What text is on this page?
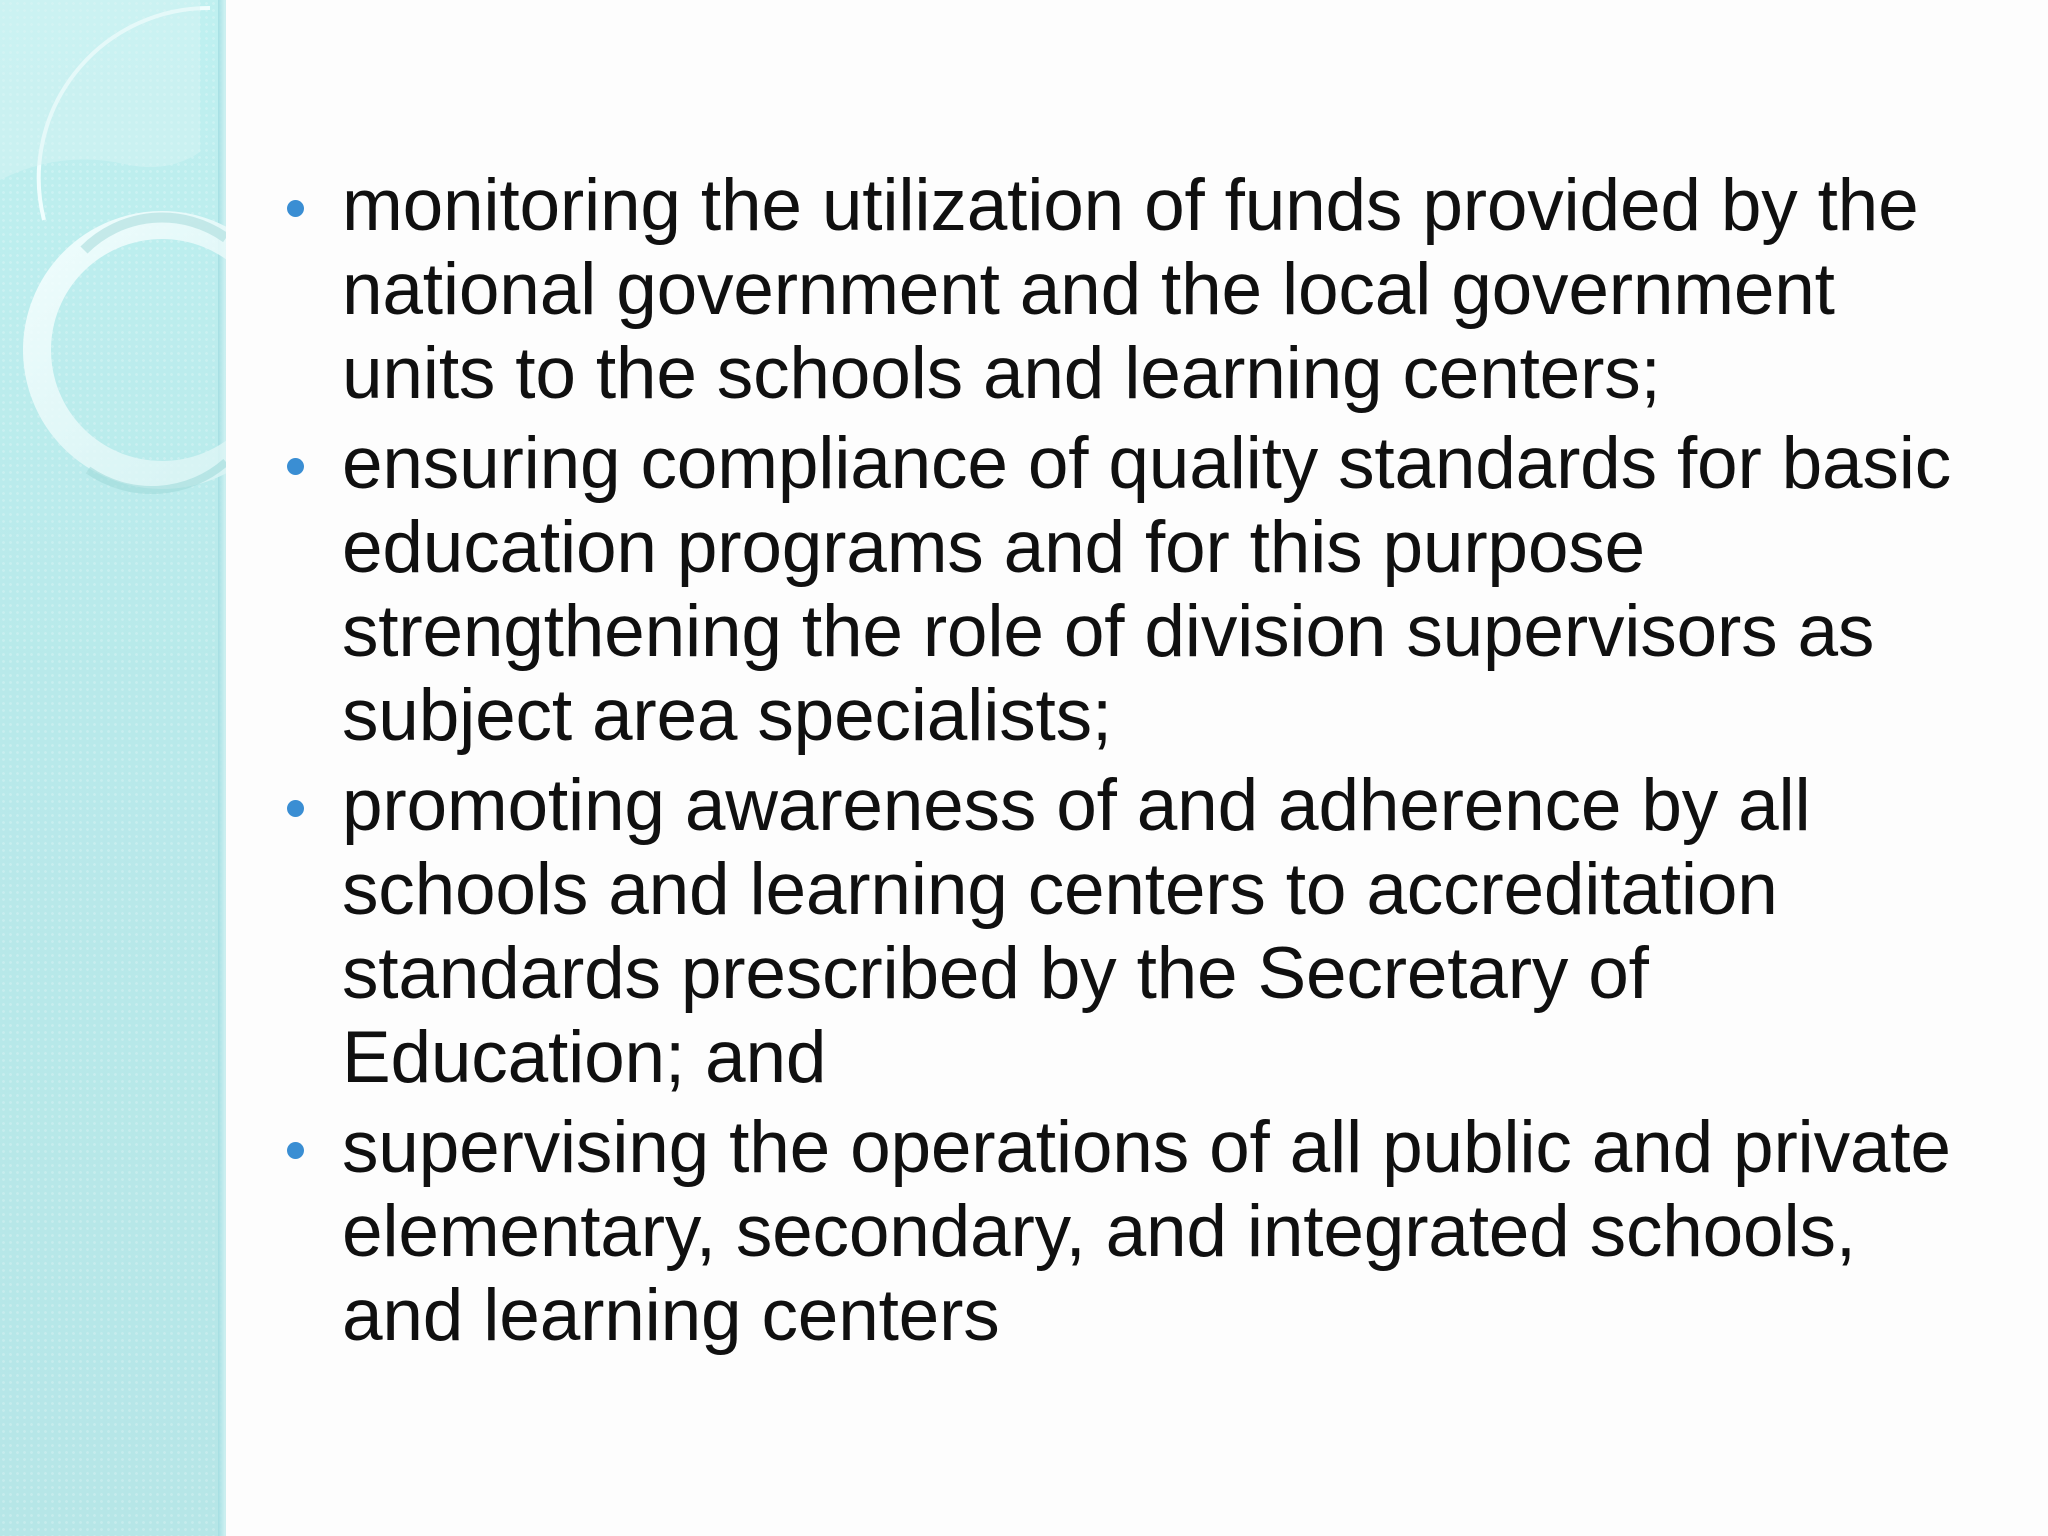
monitoring the utilization of funds provided by the national government and the local government units to the schools and learning centers;
ensuring compliance of quality standards for basic education programs and for this purpose strengthening the role of division supervisors as subject area specialists;
promoting awareness of and adherence by all schools and learning centers to accreditation standards prescribed by the Secretary of Education; and
supervising the operations of all public and private elementary, secondary, and integrated schools, and learning centers
